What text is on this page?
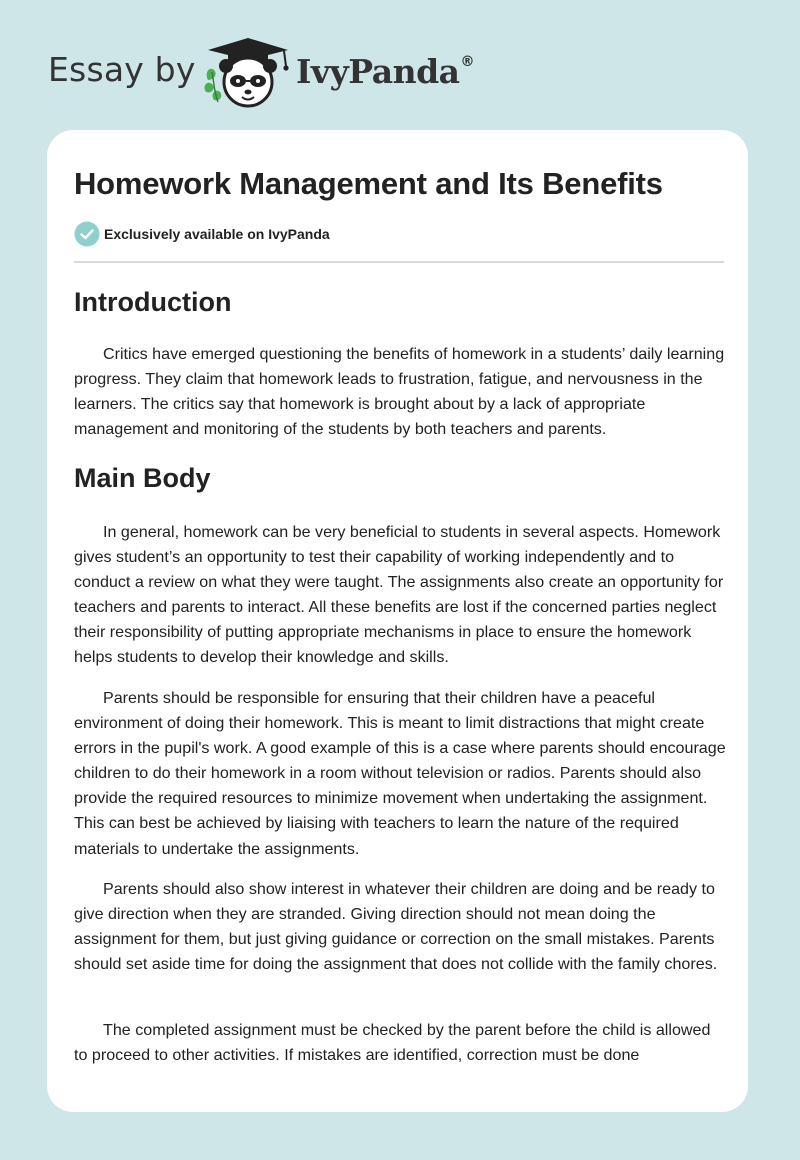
Essay by	IvyPanda®
Homework Management and Its Benefits
Exclusively available on IvyPanda
Introduction

Critics have emerged questioning the benefits of homework in a students’ daily learning progress. They claim that homework leads to frustration, fatigue, and nervousness in the learners. The critics say that homework is brought about by a lack of appropriate management and monitoring of the students by both teachers and parents.

Main Body

In general, homework can be very beneficial to students in several aspects. Homework gives student’s an opportunity to test their capability of working independently and to conduct a review on what they were taught. The assignments also create an opportunity for teachers and parents to interact. All these benefits are lost if the concerned parties neglect their responsibility of putting appropriate mechanisms in place to ensure the homework helps students to develop their knowledge and skills.

Parents should be responsible for ensuring that their children have a peaceful environment of doing their homework. This is meant to limit distractions that might create errors in the pupil's work. A good example of this is a case where parents should encourage children to do their homework in a room without television or radios. Parents should also provide the required resources to minimize movement when undertaking the assignment. This can best be achieved by liaising with teachers to learn the nature of the required materials to undertake the assignments.

Parents should also show interest in whatever their children are doing and be ready to give direction when they are stranded. Giving direction should not mean doing the assignment for them, but just giving guidance or correction on the small mistakes. Parents should set aside time for doing the assignment that does not collide with the family chores.

The completed assignment must be checked by the parent before the child is allowed to proceed to other activities. If mistakes are identified, correction must be done
